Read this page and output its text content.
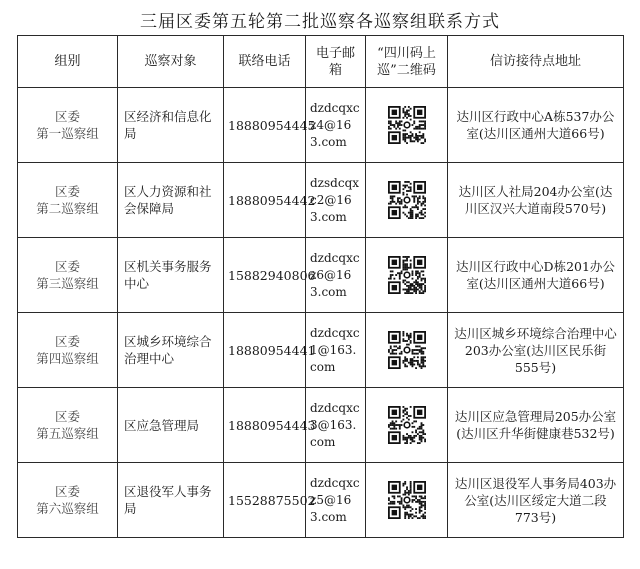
三届区委第五轮第二批巡察各巡察组联系方式
组别	巡察对象	联络电话	电子邮箱	“四川码上巡”二维码	信访接待点地址

区委
第一巡察组	区经济和信息化局	18880954445	dzdcqxcz4@163.com		达川区行政中心A栋537办公室(达川区通州大道66号)

区委
第二巡察组	区人力资源和社会保障局	18880954442	dzsdcqxc2@163.com		达川区人社局204办公室(达川区汉兴大道南段570号)

区委
第三巡察组	区机关事务服务中心	15882940806	dzdcqxcz6@163.com		达川区行政中心D栋201办公室(达川区通州大道66号)

区委
第四巡察组	区城乡环境综合治理中心	18880954441	dzdcqxc1@163.com		达川区城乡环境综合治理中心203办公室(达川区民乐街555号)

区委
第五巡察组	区应急管理局	18880954443	dzdcqxc3@163.com		达川区应急管理局205办公室(达川区升华街健康巷532号)

区委
第六巡察组	区退役军人事务局	15528875502	dzdcqxcz5@163.com		达川区退役军人事务局403办公室(达川区绥定大道二段773号)
